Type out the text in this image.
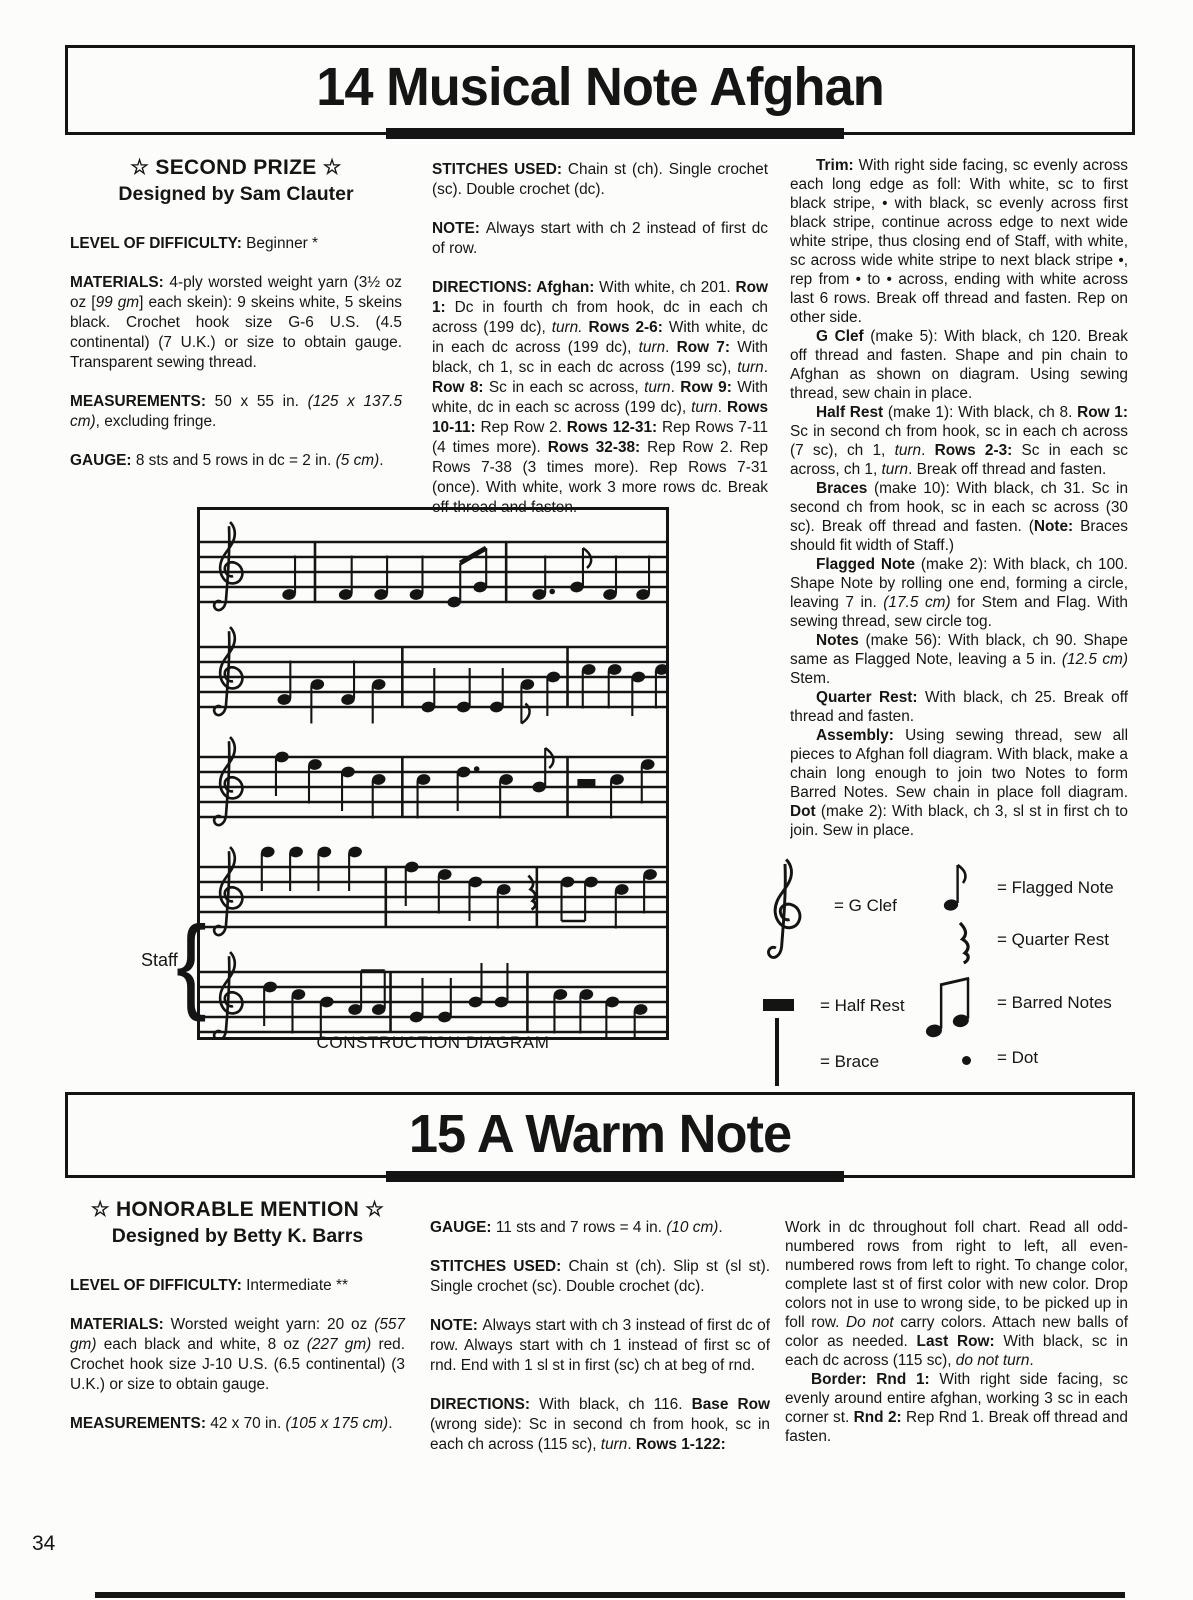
14 Musical Note Afghan

☆ SECOND PRIZE ☆

Designed by Sam Clauter

LEVEL OF DIFFICULTY: Beginner *

MATERIALS: 4-ply worsted weight yarn (3½ oz oz [99 gm] each skein): 9 skeins white, 5 skeins black. Crochet hook size G-6 U.S. (4.5 continental) (7 U.K.) or size to obtain gauge. Transparent sewing thread.

MEASUREMENTS: 50 x 55 in. (125 x 137.5 cm), excluding fringe.

GAUGE: 8 sts and 5 rows in dc = 2 in. (5 cm).

STITCHES USED: Chain st (ch). Single crochet (sc). Double crochet (dc).

NOTE: Always start with ch 2 instead of first dc of row.

DIRECTIONS: Afghan: With white, ch 201. Row 1: Dc in fourth ch from hook, dc in each ch across (199 dc), turn. Rows 2-6: With white, dc in each dc across (199 dc), turn. Row 7: With black, ch 1, sc in each dc across (199 sc), turn. Row 8: Sc in each sc across, turn. Row 9: With white, dc in each sc across (199 dc), turn. Rows 10-11: Rep Row 2. Rows 12-31: Rep Rows 7-11 (4 times more). Rows 32-38: Rep Row 2. Rep Rows 7-38 (3 times more). Rep Rows 7-31 (once). With white, work 3 more rows dc. Break off thread and fasten.

Trim: With right side facing, sc evenly across each long edge as foll: With white, sc to first black stripe, • with black, sc evenly across first black stripe, continue across edge to next wide white stripe, thus closing end of Staff, with white, sc across wide white stripe to next black stripe •, rep from • to • across, ending with white across last 6 rows. Break off thread and fasten. Rep on other side.

G Clef (make 5): With black, ch 120. Break off thread and fasten. Shape and pin chain to Afghan as shown on diagram. Using sewing thread, sew chain in place.

Half Rest (make 1): With black, ch 8. Row 1: Sc in second ch from hook, sc in each ch across (7 sc), ch 1, turn. Rows 2-3: Sc in each sc across, ch 1, turn. Break off thread and fasten.

Braces (make 10): With black, ch 31. Sc in second ch from hook, sc in each sc across (30 sc). Break off thread and fasten. (Note: Braces should fit width of Staff.)

Flagged Note (make 2): With black, ch 100. Shape Note by rolling one end, forming a circle, leaving 7 in. (17.5 cm) for Stem and Flag. With sewing thread, sew circle tog.

Notes (make 56): With black, ch 90. Shape same as Flagged Note, leaving a 5 in. (12.5 cm) Stem.

Quarter Rest: With black, ch 25. Break off thread and fasten.

Assembly: Using sewing thread, sew all pieces to Afghan foll diagram. With black, make a chain long enough to join two Notes to form Barred Notes. Sew chain in place foll diagram. Dot (make 2): With black, ch 3, sl st in first ch to join. Sew in place.

Staff
{
CONSTRUCTION DIAGRAM
= G Clef
= Half Rest
= Brace
= Flagged Note
= Quarter Rest
= Barred Notes
= Dot
15 A Warm Note

☆ HONORABLE MENTION ☆

Designed by Betty K. Barrs

LEVEL OF DIFFICULTY: Intermediate **

MATERIALS: Worsted weight yarn: 20 oz (557 gm) each black and white, 8 oz (227 gm) red. Crochet hook size J-10 U.S. (6.5 continental) (3 U.K.) or size to obtain gauge.

MEASUREMENTS: 42 x 70 in. (105 x 175 cm).

GAUGE: 11 sts and 7 rows = 4 in. (10 cm).

STITCHES USED: Chain st (ch). Slip st (sl st). Single crochet (sc). Double crochet (dc).

NOTE: Always start with ch 3 instead of first dc of row. Always start with ch 1 instead of first sc of rnd. End with 1 sl st in first (sc) ch at beg of rnd.

DIRECTIONS: With black, ch 116. Base Row (wrong side): Sc in second ch from hook, sc in each ch across (115 sc), turn. Rows 1-122:

Work in dc throughout foll chart. Read all odd-numbered rows from right to left, all even-numbered rows from left to right. To change color, complete last st of first color with new color. Drop colors not in use to wrong side, to be picked up in foll row. Do not carry colors. Attach new balls of color as needed. Last Row: With black, sc in each dc across (115 sc), do not turn.

Border: Rnd 1: With right side facing, sc evenly around entire afghan, working 3 sc in each corner st. Rnd 2: Rep Rnd 1. Break off thread and fasten.

34
